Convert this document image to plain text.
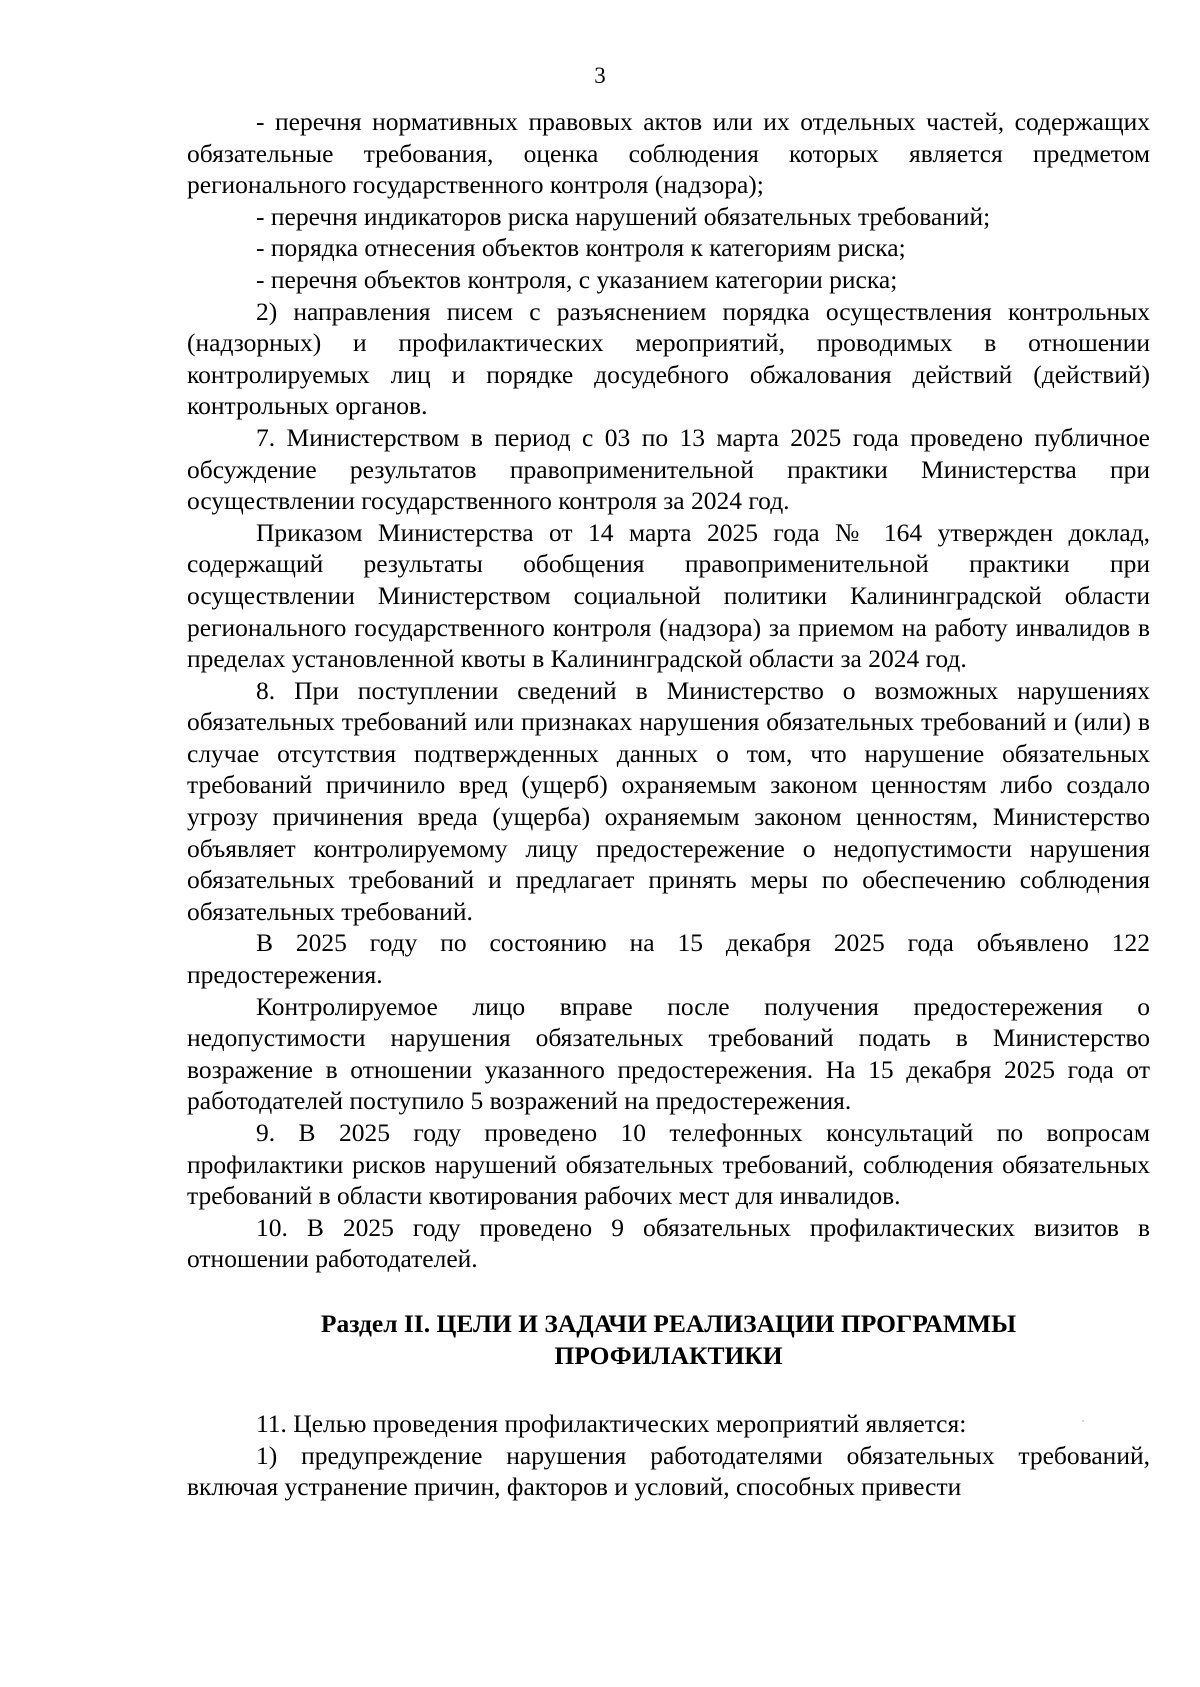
3

- перечня нормативных правовых актов или их отдельных частей, содержащих обязательные требования, оценка соблюдения которых является предметом регионального государственного контроля (надзора);

- перечня индикаторов риска нарушений обязательных требований;

- порядка отнесения объектов контроля к категориям риска;

- перечня объектов контроля, с указанием категории риска;

2) направления писем с разъяснением порядка осуществления контрольных (надзорных) и профилактических мероприятий, проводимых в отношении контролируемых лиц и порядке досудебного обжалования действий (действий) контрольных органов.

7. Министерством в период с 03 по 13 марта 2025 года проведено публичное обсуждение результатов правоприменительной практики Министерства при осуществлении государственного контроля за 2024 год.

Приказом Министерства от 14 марта 2025 года № 164 утвержден доклад, содержащий результаты обобщения правоприменительной практики при осуществлении Министерством социальной политики Калининградской области регионального государственного контроля (надзора) за приемом на работу инвалидов в пределах установленной квоты в Калининградской области за 2024 год.

8. При поступлении сведений в Министерство о возможных нарушениях обязательных требований или признаках нарушения обязательных требований и (или) в случае отсутствия подтвержденных данных о том, что нарушение обязательных требований причинило вред (ущерб) охраняемым законом ценностям либо создало угрозу причинения вреда (ущерба) охраняемым законом ценностям, Министерство объявляет контролируемому лицу предостережение о недопустимости нарушения обязательных требований и предлагает принять меры по обеспечению соблюдения обязательных требований.

В 2025 году по состоянию на 15 декабря 2025 года объявлено 122 предостережения.

Контролируемое лицо вправе после получения предостережения о недопустимости нарушения обязательных требований подать в Министерство возражение в отношении указанного предостережения. На 15 декабря 2025 года от работодателей поступило 5 возражений на предостережения.

9. В 2025 году проведено 10 телефонных консультаций по вопросам профилактики рисков нарушений обязательных требований, соблюдения обязательных требований в области квотирования рабочих мест для инвалидов.

10. В 2025 году проведено 9 обязательных профилактических визитов в отношении работодателей.

Раздел II. ЦЕЛИ И ЗАДАЧИ РЕАЛИЗАЦИИ ПРОГРАММЫ
ПРОФИЛАКТИКИ

11. Целью проведения профилактических мероприятий является:

1) предупреждение нарушения работодателями обязательных требований, включая устранение причин, факторов и условий, способных привести
